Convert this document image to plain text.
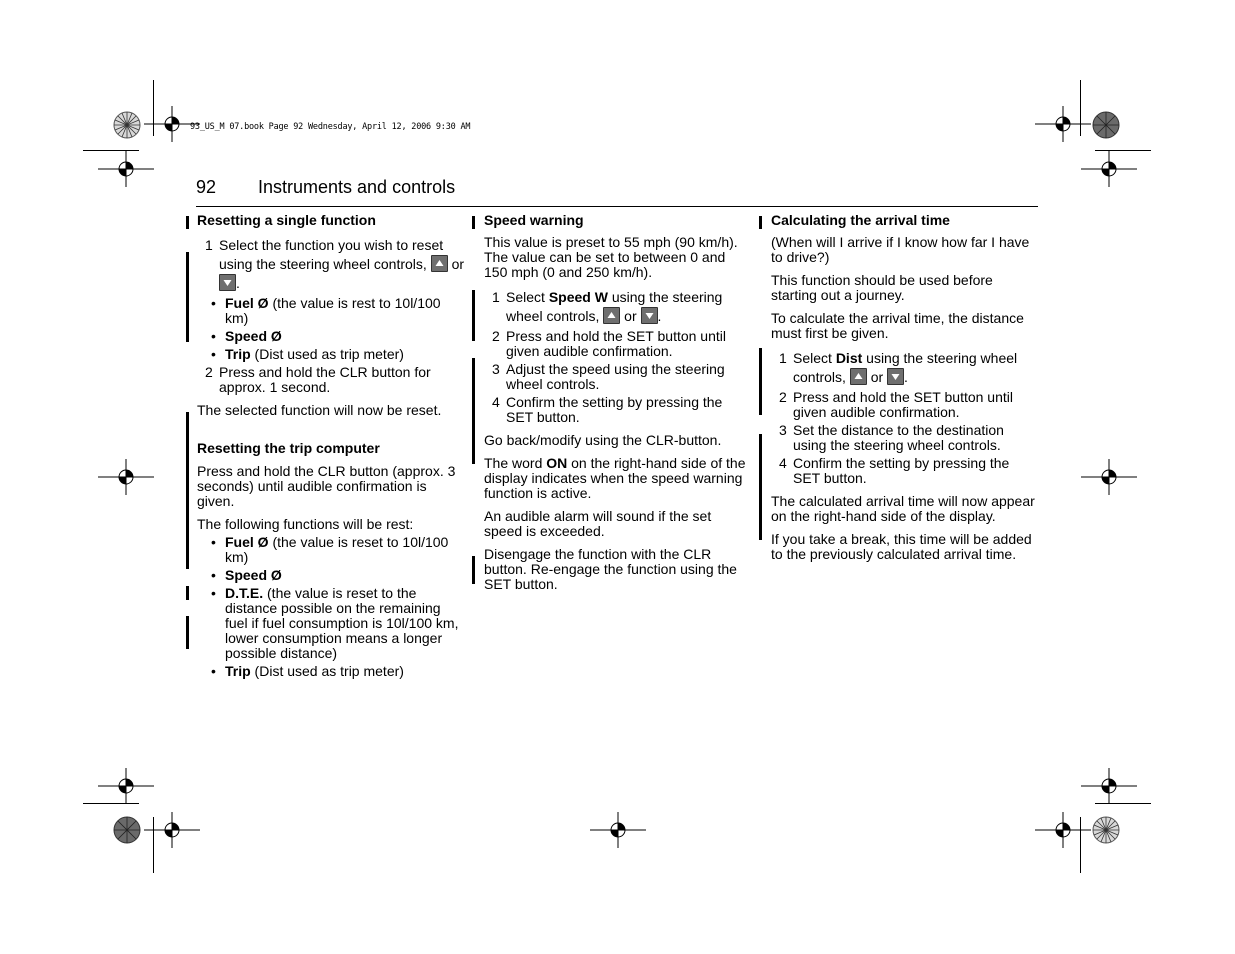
93_US_M 07.book Page 92 Wednesday, April 12, 2006 9:30 AM
92 Instruments and controls
Resetting a single function
1 Select the function you wish to reset using the steering wheel controls, or
.
• Fuel Ø (the value is rest to 10l/100 km)
• Speed Ø
• Trip (Dist used as trip meter)
2 Press and hold the CLR button for approx. 1 second.

The selected function will now be reset.

Resetting the trip computer

Press and hold the CLR button (approx. 3 seconds) until audible confirmation is given.

The following functions will be rest:

• Fuel Ø (the value is reset to 10l/100 km)
• Speed Ø
• D.T.E. (the value is reset to the distance possible on the remaining fuel if fuel consumption is 10l/100 km, lower consumption means a longer possible distance)
• Trip (Dist used as trip meter)
Speed warning

This value is preset to 55 mph (90 km/h). The value can be set to between 0 and 150 mph (0 and 250 km/h).

1 Select Speed W using the steering wheel controls, or .
2 Press and hold the SET button until given audible confirmation.
3 Adjust the speed using the steering wheel controls.
4 Confirm the setting by pressing the SET button.

Go back/modify using the CLR-button.

The word ON on the right-hand side of the display indicates when the speed warning function is active.

An audible alarm will sound if the set speed is exceeded.

Disengage the function with the CLR button. Re-engage the function using the SET button.

Calculating the arrival time

(When will I arrive if I know how far I have to drive?)

This function should be used before starting out a journey.

To calculate the arrival time, the distance must first be given.

1 Select Dist using the steering wheel controls, or .
2 Press and hold the SET button until given audible confirmation.
3 Set the distance to the destination using the steering wheel controls.
4 Confirm the setting by pressing the SET button.

The calculated arrival time will now appear on the right-hand side of the display.

If you take a break, this time will be added to the previously calculated arrival time.
